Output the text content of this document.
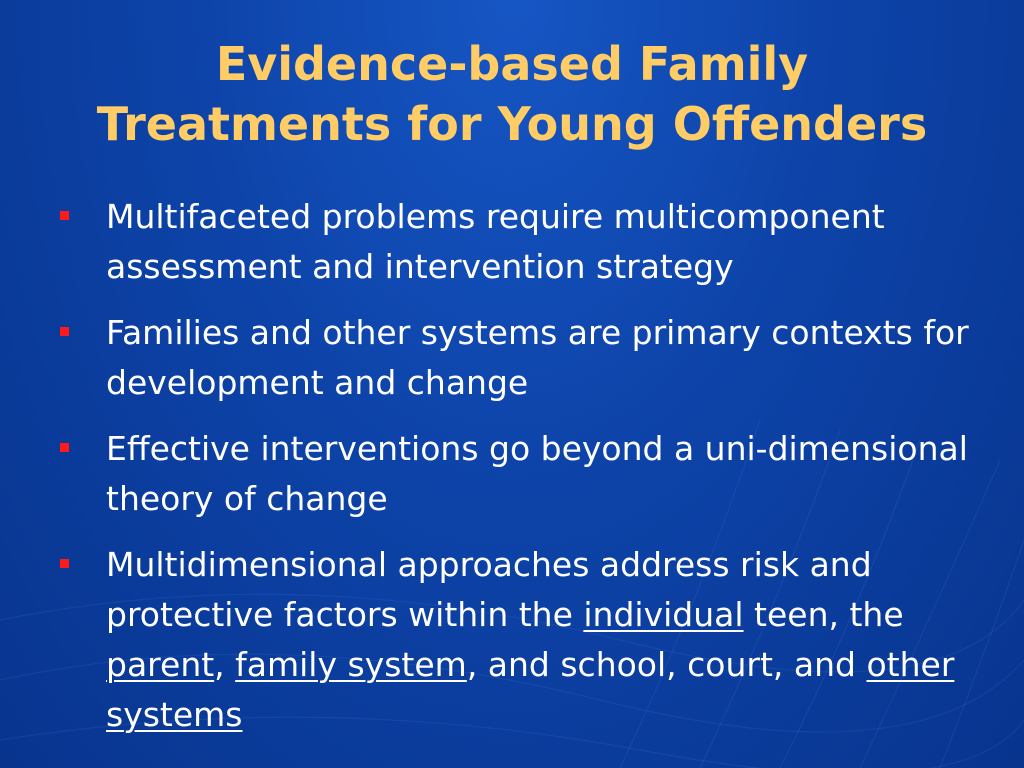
Evidence-based Family
Treatments for Young Offenders
Multifaceted problems require multicomponent assessment and intervention strategy
Families and other systems are primary contexts for development and change
Effective interventions go beyond a uni-dimensional theory of change
Multidimensional approaches address risk and protective factors within the individual teen, the parent, family system, and school, court, and other systems
